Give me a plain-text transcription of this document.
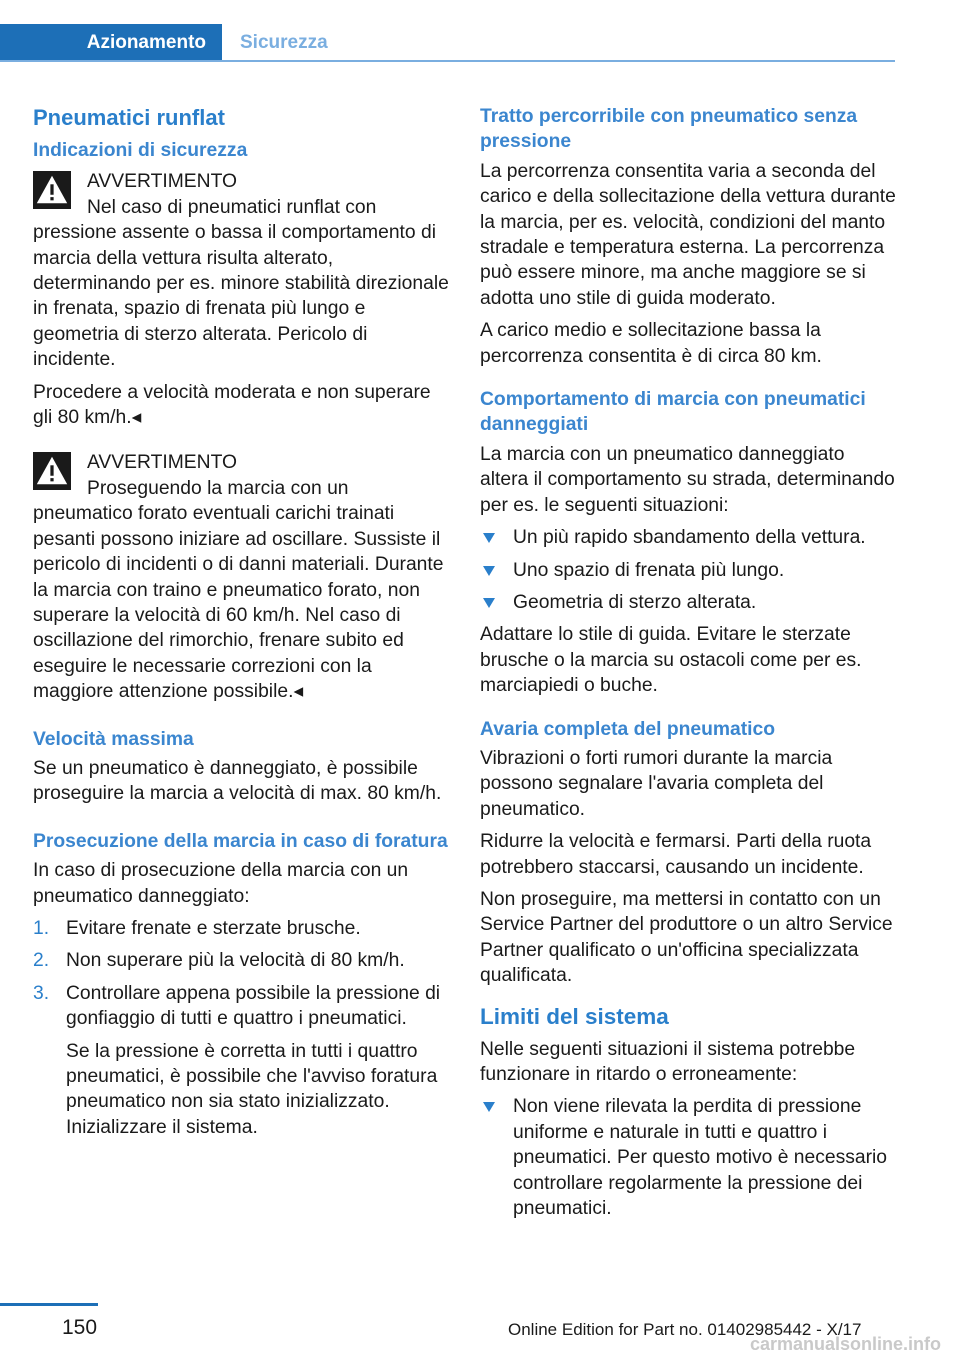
Azionamento	Sicurezza
Pneumatici runflat
Indicazioni di sicurezza
AVVERTIMENTO
Nel caso di pneumatici runflat con pressione assente o bassa il comportamento di marcia della vettura risulta alterato, determinando per es. minore stabilità direzionale in frenata, spazio di frenata più lungo e geometria di sterzo alterata. Pericolo di incidente.

Procedere a velocità moderata e non superare gli 80 km/h.◂

AVVERTIMENTO
Proseguendo la marcia con un pneumatico forato eventuali carichi trainati pesanti possono iniziare ad oscillare. Sussiste il pericolo di incidenti o di danni materiali. Durante la marcia con traino e pneumatico forato, non superare la velocità di 60 km/h. Nel caso di oscillazione del rimorchio, frenare subito ed eseguire le necessarie correzioni con la maggiore attenzione possibile.◂
Velocità massima

Se un pneumatico è danneggiato, è possibile proseguire la marcia a velocità di max. 80 km/h.

Prosecuzione della marcia in caso di foratura

In caso di prosecuzione della marcia con un pneumatico danneggiato:

1. Evitare frenate e sterzate brusche.
2. Non superare più la velocità di 80 km/h.
3. Controllare appena possibile la pressione di gonfiaggio di tutti e quattro i pneumatici.
Se la pressione è corretta in tutti i quattro pneumatici, è possibile che l'avviso foratura pneumatico non sia stato inizializzato. Inizializzare il sistema.
Tratto percorribile con pneumatico senza pressione

La percorrenza consentita varia a seconda del carico e della sollecitazione della vettura durante la marcia, per es. velocità, condizioni del manto stradale e temperatura esterna. La percorrenza può essere minore, ma anche maggiore se si adotta uno stile di guida moderato.

A carico medio e sollecitazione bassa la percorrenza consentita è di circa 80 km.

Comportamento di marcia con pneumatici danneggiati

La marcia con un pneumatico danneggiato altera il comportamento su strada, determinando per es. le seguenti situazioni:

Un più rapido sbandamento della vettura.
Uno spazio di frenata più lungo.
Geometria di sterzo alterata.

Adattare lo stile di guida. Evitare le sterzate brusche o la marcia su ostacoli come per es. marciapiedi o buche.

Avaria completa del pneumatico

Vibrazioni o forti rumori durante la marcia possono segnalare l'avaria completa del pneumatico.

Ridurre la velocità e fermarsi. Parti della ruota potrebbero staccarsi, causando un incidente.

Non proseguire, ma mettersi in contatto con un Service Partner del produttore o un altro Service Partner qualificato o un'officina specializzata qualificata.

Limiti del sistema

Nelle seguenti situazioni il sistema potrebbe funzionare in ritardo o erroneamente:

Non viene rilevata la perdita di pressione uniforme e naturale in tutti e quattro i pneumatici. Per questo motivo è necessario controllare regolarmente la pressione dei pneumatici.
150	Online Edition for Part no. 01402985442 - X/17
carmanualsonline.info
